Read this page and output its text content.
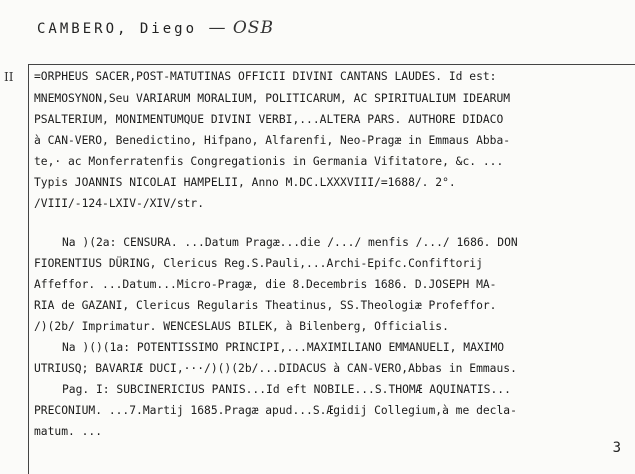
CAMBERO, Diego — OSB
II =ORPHEUS SACER,POST-MATUTINAS OFFICII DIVINI CANTANS LAUDES. Id est:
MNEMOSYNON,Seu VARIARUM MORALIUM, POLITICARUM, AC SPIRITUALIUM IDEARUM
PSALTERIUM, MONIMENTUMQUE DIVINI VERBI,...ALTERA PARS. AUTHORE DIDACO
à CAN-VERO, Benedictino, Hifpano, Alfarenfi, Neo-Pragæ in Emmaus Abba-
te,· ac Monferratenfis Congregationis in Germania Vifitatore, &c. ...
Typis JOANNIS NICOLAI HAMPELII, Anno M.DC.LXXXVIII/=1688/. 2°.
/VIII/-124-LXIV-/XIV/str.
Na )(2a: CENSURA. ...Datum Pragæ...die /.../ menfis /.../ 1686. DON
FIORENTIUS DÜRING, Clericus Reg.S.Pauli,...Archi-Epifc.Confiftorij
Affeffor. ...Datum...Micro-Pragæ, die 8.Decembris 1686. D.JOSEPH MA-
RIA de GAZANI, Clericus Regularis Theatinus, SS.Theologiæ Profeffor.
/)(2b/ Imprimatur. WENCESLAUS BILEK, à Bilenberg, Officialis.
Na )()(1a: POTENTISSIMO PRINCIPI,...MAXIMILIANO EMMANUELI, MAXIMO
UTRIUSQ; BAVARIÆ DUCI,···/)()(2b/...DIDACUS à CAN-VERO,Abbas in Emmaus.
Pag. I: SUBCINERICIUS PANIS...Id eft NOBILE...S.THOMÆ AQUINATIS...
PRECONIUM. ...7.Martij 1685.Pragæ apud...S.Ægidij Collegium,à me decla-
matum. ...
3
